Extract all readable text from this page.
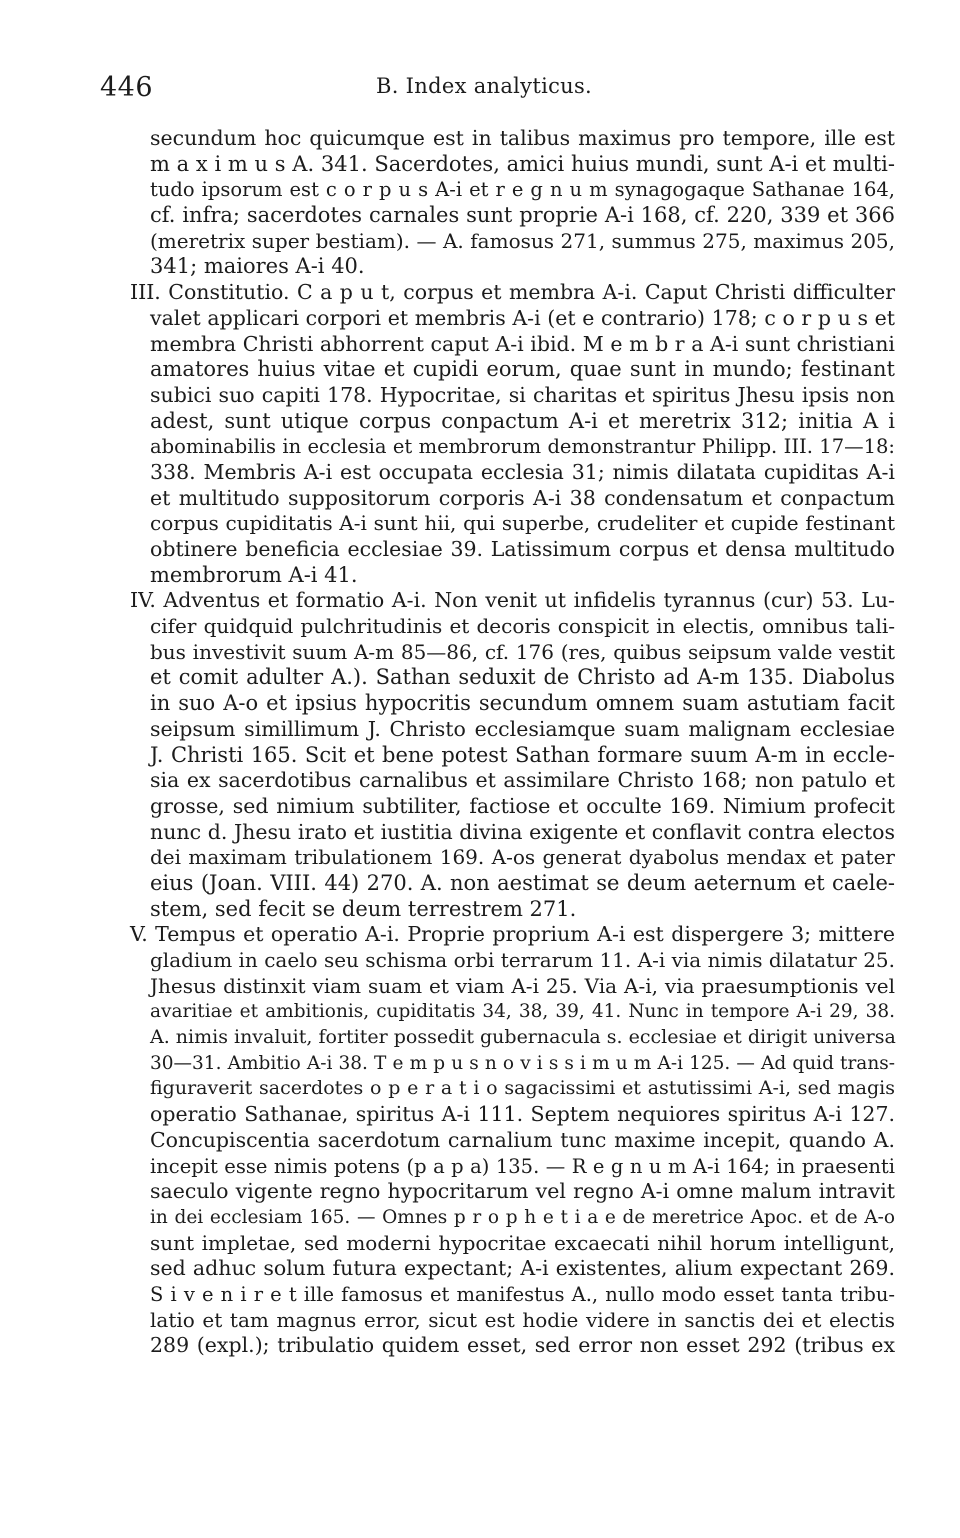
446	B. Index analyticus.
secundum hoc quicumque est in talibus maximus pro tempore, ille est
m a x i m u s A. 341. Sacerdotes, amici huius mundi, sunt A-i et multi-
tudo ipsorum est c o r p u s A-i et r e g n u m synagogaque Sathanae 164,
cf. infra; sacerdotes carnales sunt proprie A-i 168, cf. 220, 339 et 366
(meretrix super bestiam). — A. famosus 271, summus 275, maximus 205,
341; maiores A-i 40.
III. Constitutio. C a p u t, corpus et membra A-i. Caput Christi difficulter
valet applicari corpori et membris A-i (et e contrario) 178; c o r p u s et
membra Christi abhorrent caput A-i ibid. M e m b r a A-i sunt christiani
amatores huius vitae et cupidi eorum, quae sunt in mundo; festinant
subici suo capiti 178. Hypocritae, si charitas et spiritus Jhesu ipsis non
adest, sunt utique corpus conpactum A-i et meretrix 312; initia A i
abominabilis in ecclesia et membrorum demonstrantur Philipp. III. 17—18:
338. Membris A-i est occupata ecclesia 31; nimis dilatata cupiditas A-i
et multitudo suppositorum corporis A-i 38 condensatum et conpactum
corpus cupiditatis A-i sunt hii, qui superbe, crudeliter et cupide festinant
obtinere beneficia ecclesiae 39. Latissimum corpus et densa multitudo
membrorum A-i 41.
IV. Adventus et formatio A-i. Non venit ut infidelis tyrannus (cur) 53. Lu-
cifer quidquid pulchritudinis et decoris conspicit in electis, omnibus tali-
bus investivit suum A-m 85—86, cf. 176 (res, quibus seipsum valde vestit
et comit adulter A.). Sathan seduxit de Christo ad A-m 135. Diabolus
in suo A-o et ipsius hypocritis secundum omnem suam astutiam facit
seipsum simillimum J. Christo ecclesiamque suam malignam ecclesiae
J. Christi 165. Scit et bene potest Sathan formare suum A-m in eccle-
sia ex sacerdotibus carnalibus et assimilare Christo 168; non patulo et
grosse, sed nimium subtiliter, factiose et occulte 169. Nimium profecit
nunc d. Jhesu irato et iustitia divina exigente et conflavit contra electos
dei maximam tribulationem 169. A-os generat dyabolus mendax et pater
eius (Joan. VIII. 44) 270. A. non aestimat se deum aeternum et caele-
stem, sed fecit se deum terrestrem 271.
V. Tempus et operatio A-i. Proprie proprium A-i est dispergere 3; mittere
gladium in caelo seu schisma orbi terrarum 11. A-i via nimis dilatatur 25.
Jhesus distinxit viam suam et viam A-i 25. Via A-i, via praesumptionis vel
avaritiae et ambitionis, cupiditatis 34, 38, 39, 41. Nunc in tempore A-i 29, 38.
A. nimis invaluit, fortiter possedit gubernacula s. ecclesiae et dirigit universa
30—31. Ambitio A-i 38. T e m p u s n o v i s s i m u m A-i 125. — Ad quid trans-
figuraverit sacerdotes o p e r a t i o sagacissimi et astutissimi A-i, sed magis
operatio Sathanae, spiritus A-i 111. Septem nequiores spiritus A-i 127.
Concupiscentia sacerdotum carnalium tunc maxime incepit, quando A.
incepit esse nimis potens (p a p a) 135. — R e g n u m A-i 164; in praesenti
saeculo vigente regno hypocritarum vel regno A-i omne malum intravit
in dei ecclesiam 165. — Omnes p r o p h e t i a e de meretrice Apoc. et de A-o
sunt impletae, sed moderni hypocritae excaecati nihil horum intelligunt,
sed adhuc solum futura expectant; A-i existentes, alium expectant 269.
S i v e n i r e t ille famosus et manifestus A., nullo modo esset tanta tribu-
latio et tam magnus error, sicut est hodie videre in sanctis dei et electis
289 (expl.); tribulatio quidem esset, sed error non esset 292 (tribus ex
